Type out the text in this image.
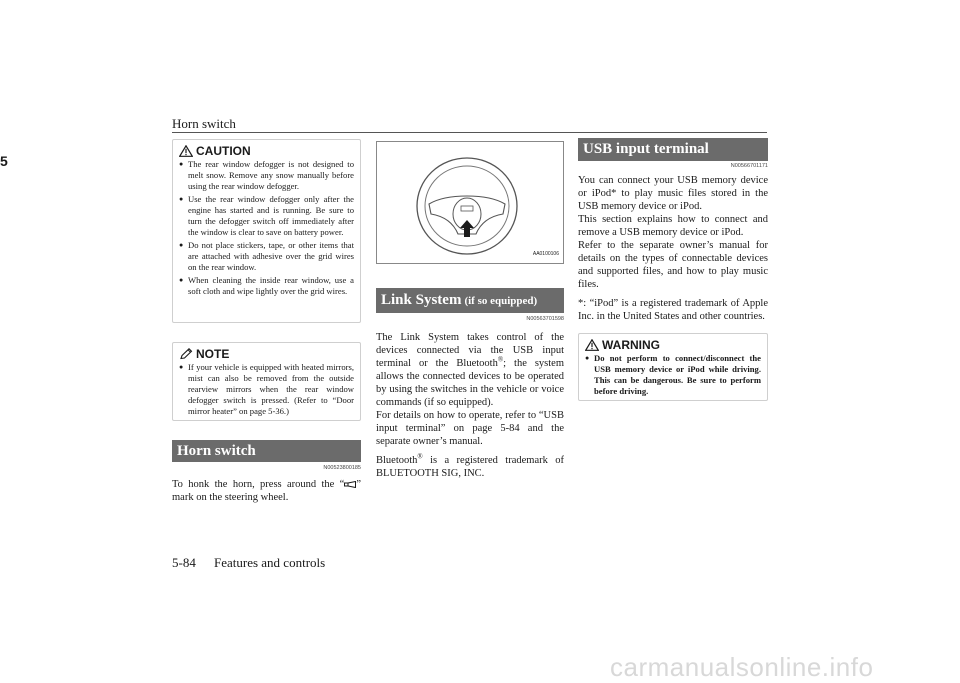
Horn switch
5
CAUTION
● The rear window defogger is not designed to melt snow. Remove any snow manually before using the rear window defogger.
● Use the rear window defogger only after the engine has started and is running. Be sure to turn the defogger switch off immediately after the window is clear to save on battery power.
● Do not place stickers, tape, or other items that are attached with adhesive over the grid wires on the rear window.
● When cleaning the inside rear window, use a soft cloth and wipe lightly over the grid wires.
NOTE
● If your vehicle is equipped with heated mirrors, mist can also be removed from the outside rearview mirrors when the rear window defogger switch is pressed. (Refer to “Door mirror heater” on page 5-36.)
Horn switch
N00523800185

To honk the horn, press around the “ ” mark on the steering wheel.

AA0100106
Link System (if so equipped)
N00563701598

The Link System takes control of the devices connected via the USB input terminal or the Bluetooth®; the system allows the connected devices to be operated by using the switches in the vehicle or voice commands (if so equipped).

For details on how to operate, refer to “USB input terminal” on page 5-84 and the separate owner’s manual.

Bluetooth® is a registered trademark of BLUETOOTH SIG, INC.

USB input terminal
N00566701171

You can connect your USB memory device or iPod* to play music files stored in the USB memory device or iPod.

This section explains how to connect and remove a USB memory device or iPod.

Refer to the separate owner’s manual for details on the types of connectable devices and supported files, and how to play music files.

*: “iPod” is a registered trademark of Apple Inc. in the United States and other countries.

WARNING
● Do not perform to connect/disconnect the USB memory device or iPod while driving. This can be dangerous. Be sure to perform before driving.
5-84 Features and controls
carmanualsonline.info
